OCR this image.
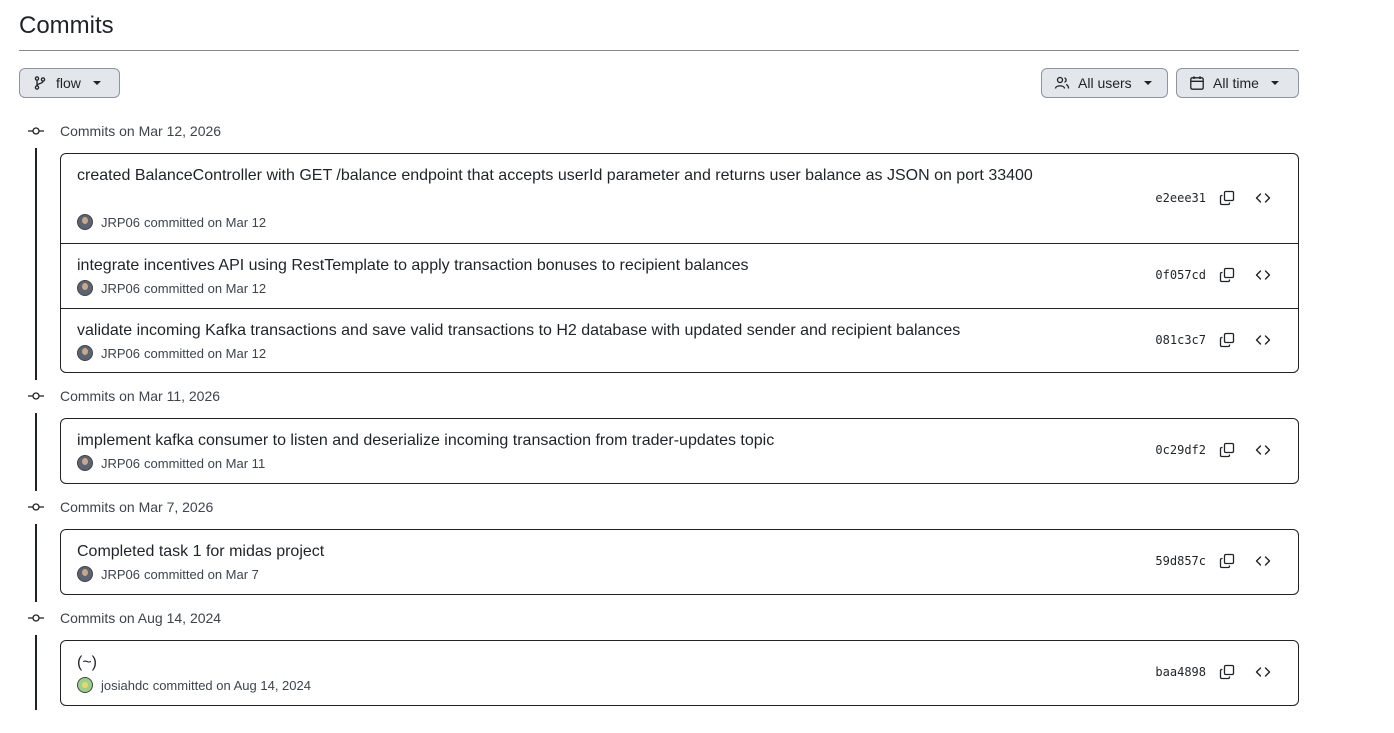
Commits
flow	All users	All time
Commits on Mar 12, 2026
created BalanceController with GET /balance endpoint that accepts userId parameter and returns user balance as JSON on port 33400
JRP06 committed on Mar 12
e2eee31
integrate incentives API using RestTemplate to apply transaction bonuses to recipient balances
JRP06 committed on Mar 12
0f057cd
validate incoming Kafka transactions and save valid transactions to H2 database with updated sender and recipient balances
JRP06 committed on Mar 12
081c3c7
Commits on Mar 11, 2026
implement kafka consumer to listen and deserialize incoming transaction from trader-updates topic
JRP06 committed on Mar 11
0c29df2
Commits on Mar 7, 2026
Completed task 1 for midas project
JRP06 committed on Mar 7
59d857c
Commits on Aug 14, 2024
(~)
josiahdc committed on Aug 14, 2024
baa4898
